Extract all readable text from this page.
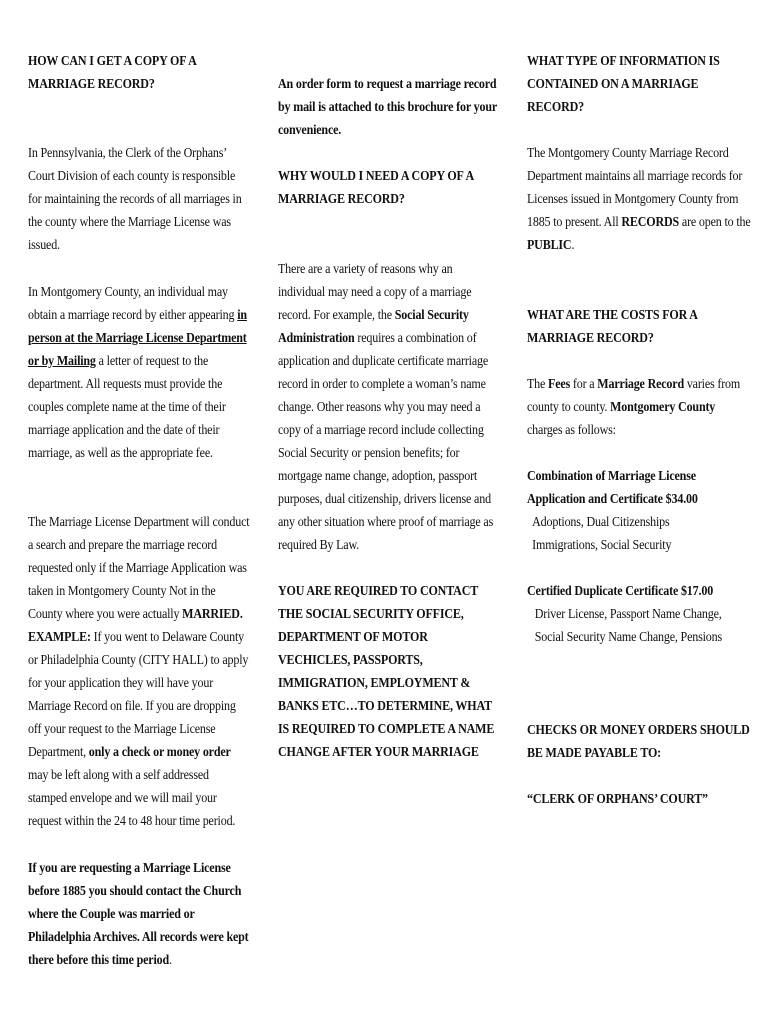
HOW CAN I GET A COPY OF A MARRIAGE RECORD?

In Pennsylvania, the Clerk of the Orphans’ Court Division of each county is responsible for maintaining the records of all marriages in the county where the Marriage License was issued.

In Montgomery County, an individual may obtain a marriage record by either appearing in person at the Marriage License Department or by Mailing a letter of request to the department. All requests must provide the couples complete name at the time of their marriage application and the date of their marriage, as well as the appropriate fee.

The Marriage License Department will conduct a search and prepare the marriage record requested only if the Marriage Application was taken in Montgomery County Not in the County where you were actually MARRIED. EXAMPLE: If you went to Delaware County or Philadelphia County (CITY HALL) to apply for your application they will have your Marriage Record on file. If you are dropping off your request to the Marriage License Department, only a check or money order may be left along with a self addressed stamped envelope and we will mail your request within the 24 to 48 hour time period.

If you are requesting a Marriage License before 1885 you should contact the Church where the Couple was married or Philadelphia Archives. All records were kept there before this time period.

An order form to request a marriage record by mail is attached to this brochure for your convenience.

WHY WOULD I NEED A COPY OF A MARRIAGE RECORD?

There are a variety of reasons why an individual may need a copy of a marriage record. For example, the Social Security Administration requires a combination of application and duplicate certificate marriage record in order to complete a woman’s name change. Other reasons why you may need a copy of a marriage record include collecting Social Security or pension benefits; for mortgage name change, adoption, passport purposes, dual citizenship, drivers license and any other situation where proof of marriage as required By Law.

YOU ARE REQUIRED TO CONTACT THE SOCIAL SECURITY OFFICE, DEPARTMENT OF MOTOR VECHICLES, PASSPORTS, IMMIGRATION, EMPLOYMENT & BANKS ETC…TO DETERMINE, WHAT IS REQUIRED TO COMPLETE A NAME CHANGE AFTER YOUR MARRIAGE

WHAT TYPE OF INFORMATION IS CONTAINED ON A MARRIAGE RECORD?

The Montgomery County Marriage Record Department maintains all marriage records for Licenses issued in Montgomery County from 1885 to present. All RECORDS are open to the PUBLIC.

WHAT ARE THE COSTS FOR A MARRIAGE RECORD?

The Fees for a Marriage Record varies from county to county. Montgomery County charges as follows:

Combination of Marriage License Application and Certificate $34.00
Adoptions, Dual Citizenships
Immigrations, Social Security
Certified Duplicate Certificate $17.00
Driver License, Passport Name Change,
Social Security Name Change, Pensions

CHECKS OR MONEY ORDERS SHOULD BE MADE PAYABLE TO:

“CLERK OF ORPHANS’ COURT”
